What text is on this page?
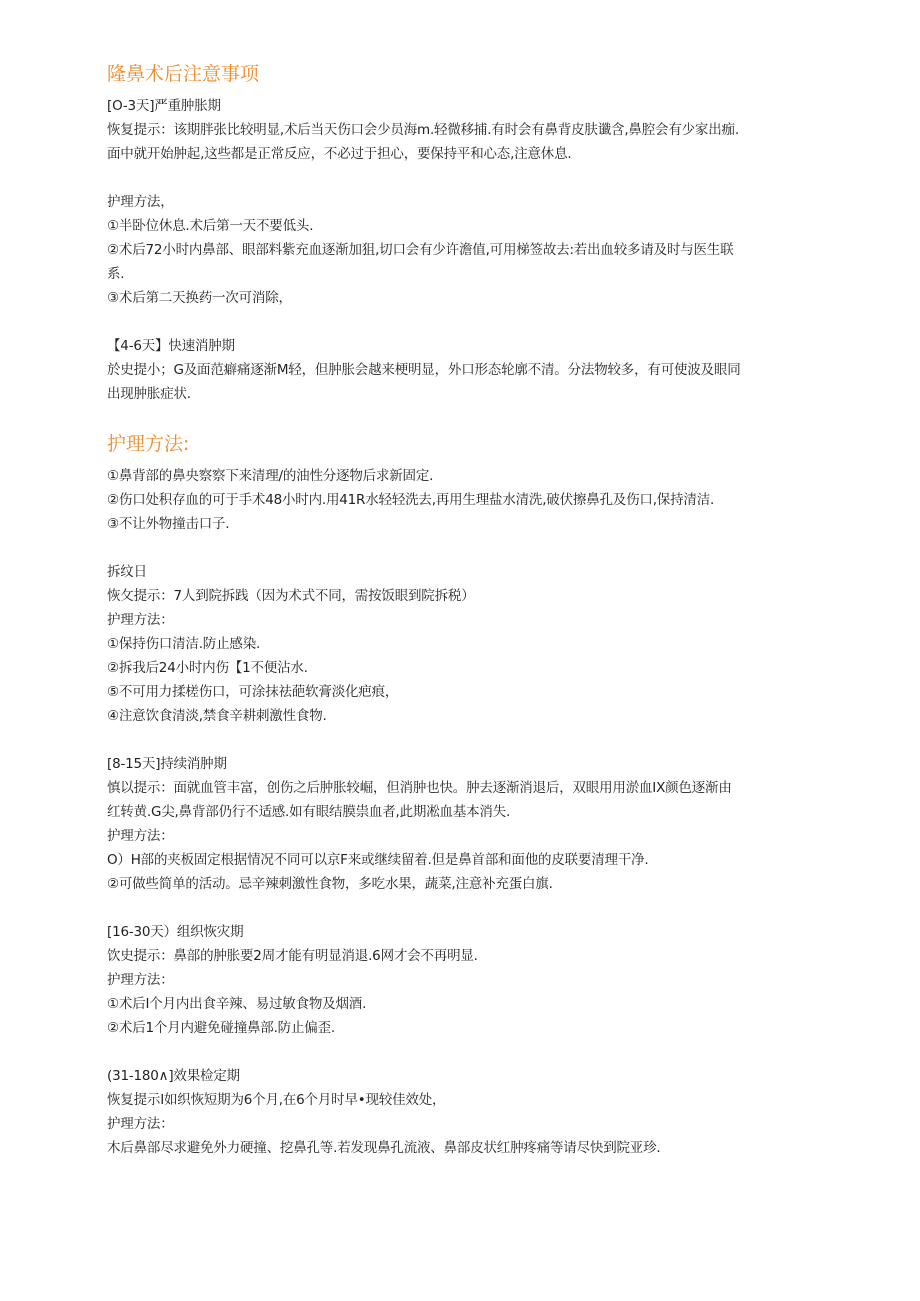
隆鼻术后注意事项
[O-3天]严重肿胀期
恢复提示：该期胖张比较明显,术后当天伤口会少员海m.轻微移捕.有时会有鼻背皮肤谶含,鼻腔会有少家出痂.
面中就开始肿起,这些都是正常反应，不必过于担心，要保持平和心态,注意休息.

护理方法，
①半卧位休息.术后第一天不要低头.
②术后72小时内鼻部、眼部料紫充血逐渐加狙,切口会有少许澹值,可用梯签故去:若出血较多请及时与医生联
系.
③术后第二天换药一次可消除，

【4-6天】快速消肿期
於史提小；G及面范癖痛逐渐M轻，但肿胀会越来梗明显，外口形态轮廓不清。分法物较多，有可使波及眼同
出现肿胀症状.
护理方法:
①鼻背部的鼻央察察下来清理∕的油性分逐物后求新固定.
②伤口处积存血的可于手术48小时内.用41R水轻轻洗去,再用生理盐水清洗,破伏擦鼻孔及伤口,保持清洁.
③不让外物撞击口子.

拆纹日
恢攵提示：7人到院拆践（因为术式不同，需按饭眼到院拆税）
护理方法：
①保持伤口清洁.防止感染.
②拆我后24小时内伤【1不便沾水.
⑤不可用力揉槎伤口，可涂抹祛葩软膏淡化疤痕，
④注意饮食清淡,禁食辛耕刺激性食物.

[8-15天]持续消肿期
慎以提示：面就血管丰富，创伤之后肿胀较崛，但消肿也快。肿去逐渐消退后，双眼用用淤血IX颜色逐渐由
红转黄.G尖,鼻背部仍行不适感.如有眼结膜祟血者,此期凇血基本消失.
护理方法：
O）H部的夹板固定根据情况不同可以京F来或继续留着.但是鼻首部和面他的皮联要清理干净.
②可做些简单的活动。忌辛辣刺激性食物，多吃水果，蔬菜,注意补充蛋白旗.

[16-30天）组织恢灾期
饮史提示：鼻部的肿胀要2周才能有明显消退.6网才会不再明显.
护理方法：
①术后I个月内出食辛辣、易过敏食物及烟酒.
②术后1个月内避免碰撞鼻部.防止偏歪.

(31-180∧]效果检定期
恢复提示I如织恢短期为6个月,在6个月时早•现较佳效处，
护理方法：
木后鼻部尽求避免外力硬撞、挖鼻孔等.若发现鼻孔流液、鼻部皮状红肿疼痛等请尽快到院亚珍.
